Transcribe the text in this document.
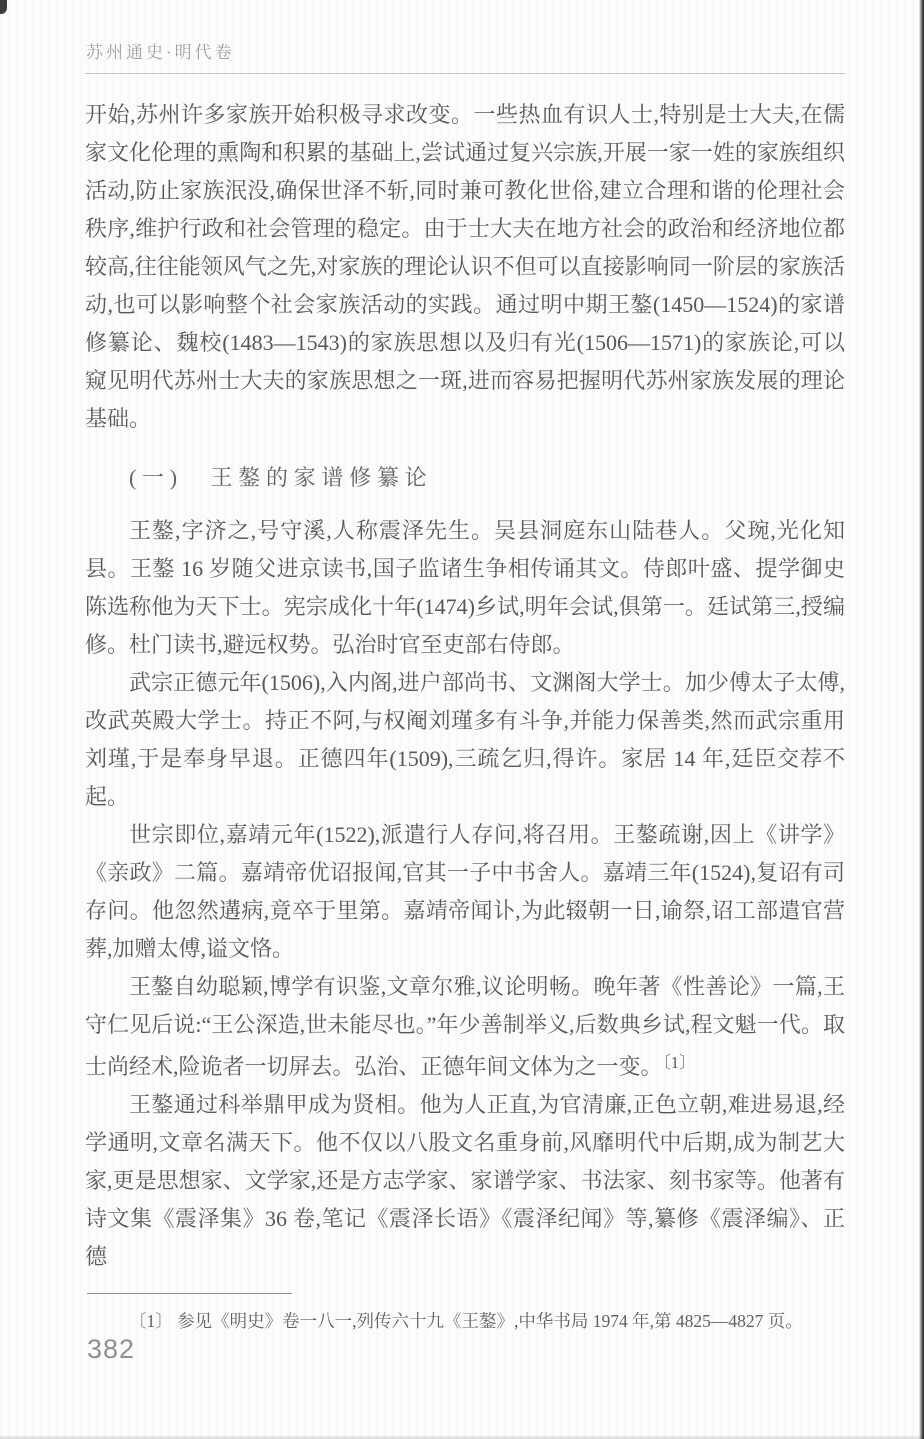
苏州通史·明代卷

开始,苏州许多家族开始积极寻求改变。一些热血有识人士,特别是士大夫,在儒家文化伦理的熏陶和积累的基础上,尝试通过复兴宗族,开展一家一姓的家族组织活动,防止家族泯没,确保世泽不斩,同时兼可教化世俗,建立合理和谐的伦理社会秩序,维护行政和社会管理的稳定。由于士大夫在地方社会的政治和经济地位都较高,往往能领风气之先,对家族的理论认识不但可以直接影响同一阶层的家族活动,也可以影响整个社会家族活动的实践。通过明中期王鏊(1450—1524)的家谱修纂论、魏校(1483—1543)的家族思想以及归有光(1506—1571)的家族论,可以窥见明代苏州士大夫的家族思想之一斑,进而容易把握明代苏州家族发展的理论基础。

(一)　王鏊的家谱修纂论

王鏊,字济之,号守溪,人称震泽先生。吴县洞庭东山陆巷人。父琬,光化知县。王鏊 16 岁随父进京读书,国子监诸生争相传诵其文。侍郎叶盛、提学御史陈选称他为天下士。宪宗成化十年(1474)乡试,明年会试,俱第一。廷试第三,授编修。杜门读书,避远权势。弘治时官至吏部右侍郎。

武宗正德元年(1506),入内阁,进户部尚书、文渊阁大学士。加少傅太子太傅,改武英殿大学士。持正不阿,与权阉刘瑾多有斗争,并能力保善类,然而武宗重用刘瑾,于是奉身早退。正德四年(1509),三疏乞归,得许。家居 14 年,廷臣交荐不起。

世宗即位,嘉靖元年(1522),派遣行人存问,将召用。王鏊疏谢,因上《讲学》《亲政》二篇。嘉靖帝优诏报闻,官其一子中书舍人。嘉靖三年(1524),复诏有司存问。他忽然遘病,竟卒于里第。嘉靖帝闻讣,为此辍朝一日,谕祭,诏工部遣官营葬,加赠太傅,谥文恪。

王鏊自幼聪颖,博学有识鉴,文章尔雅,议论明畅。晚年著《性善论》一篇,王守仁见后说:“王公深造,世未能尽也。”年少善制举义,后数典乡试,程文魁一代。取士尚经术,险诡者一切屏去。弘治、正德年间文体为之一变。$^{〔1〕}$

王鏊通过科举鼎甲成为贤相。他为人正直,为官清廉,正色立朝,难进易退,经学通明,文章名满天下。他不仅以八股文名重身前,风靡明代中后期,成为制艺大家,更是思想家、文学家,还是方志学家、家谱学家、书法家、刻书家等。他著有诗文集《震泽集》36 卷,笔记《震泽长语》《震泽纪闻》等,纂修《震泽编》、正德

〔1〕 参见《明史》卷一八一,列传六十九《王鏊》,中华书局 1974 年,第 4825—4827 页。

382
